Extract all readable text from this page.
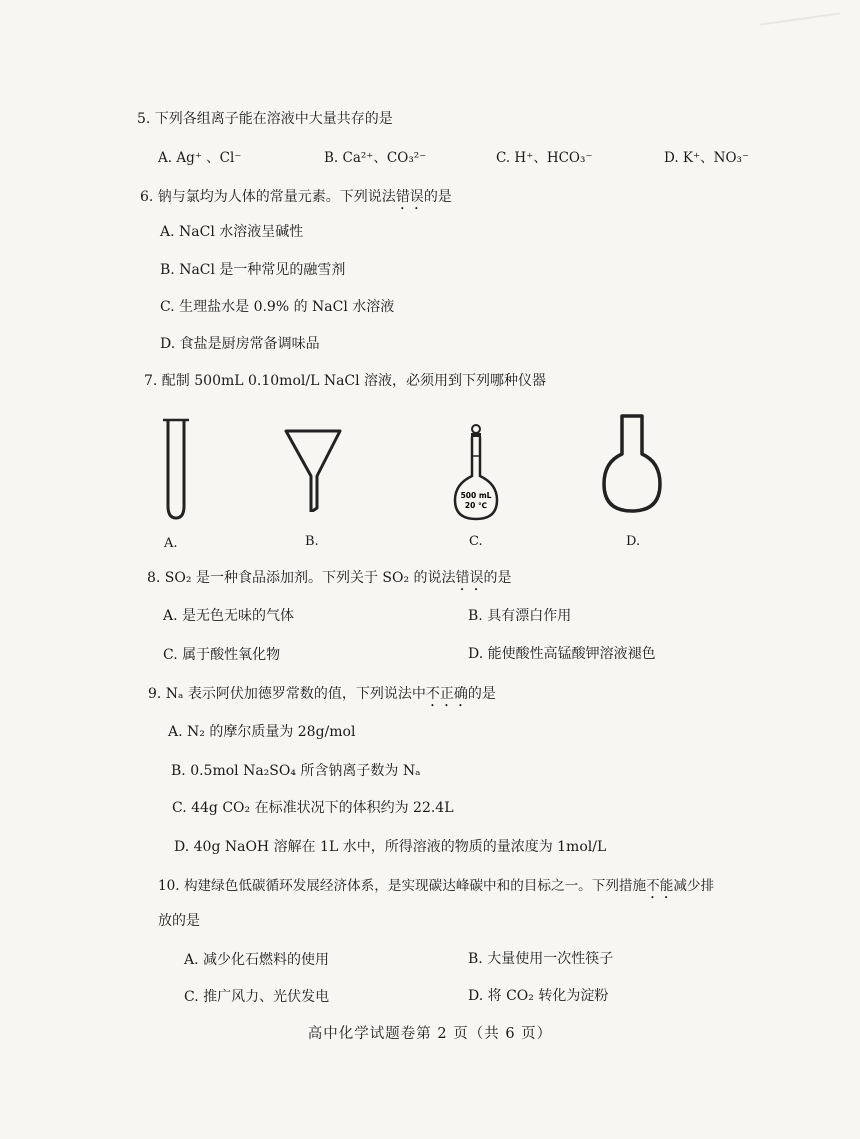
5. 下列各组离子能在溶液中大量共存的是
A. Ag⁺ 、Cl⁻	B. Ca²⁺、CO₃²⁻	C. H⁺、HCO₃⁻	D. K⁺、NO₃⁻
6. 钠与氯均为人体的常量元素。下列说法错误的是
A. NaCl 水溶液呈碱性
B. NaCl 是一种常见的融雪剂
C. 生理盐水是 0.9% 的 NaCl 水溶液
D. 食盐是厨房常备调味品
7. 配制 500mL 0.10mol/L NaCl 溶液，必须用到下列哪种仪器
500 mL
20 ℃
A.	B.	C.	D.
8. SO₂ 是一种食品添加剂。下列关于 SO₂ 的说法错误的是
A. 是无色无味的气体	B. 具有漂白作用
C. 属于酸性氧化物	D. 能使酸性高锰酸钾溶液褪色
9. Nₐ 表示阿伏加德罗常数的值，下列说法中不正确的是
A. N₂ 的摩尔质量为 28g/mol
B. 0.5mol Na₂SO₄ 所含钠离子数为 Nₐ
C. 44g CO₂ 在标准状况下的体积约为 22.4L
D. 40g NaOH 溶解在 1L 水中，所得溶液的物质的量浓度为 1mol/L
10. 构建绿色低碳循环发展经济体系，是实现碳达峰碳中和的目标之一。下列措施不能减少排
放的是
A. 减少化石燃料的使用	B. 大量使用一次性筷子
C. 推广风力、光伏发电	D. 将 CO₂ 转化为淀粉
高中化学试题卷第 2 页（共 6 页）
